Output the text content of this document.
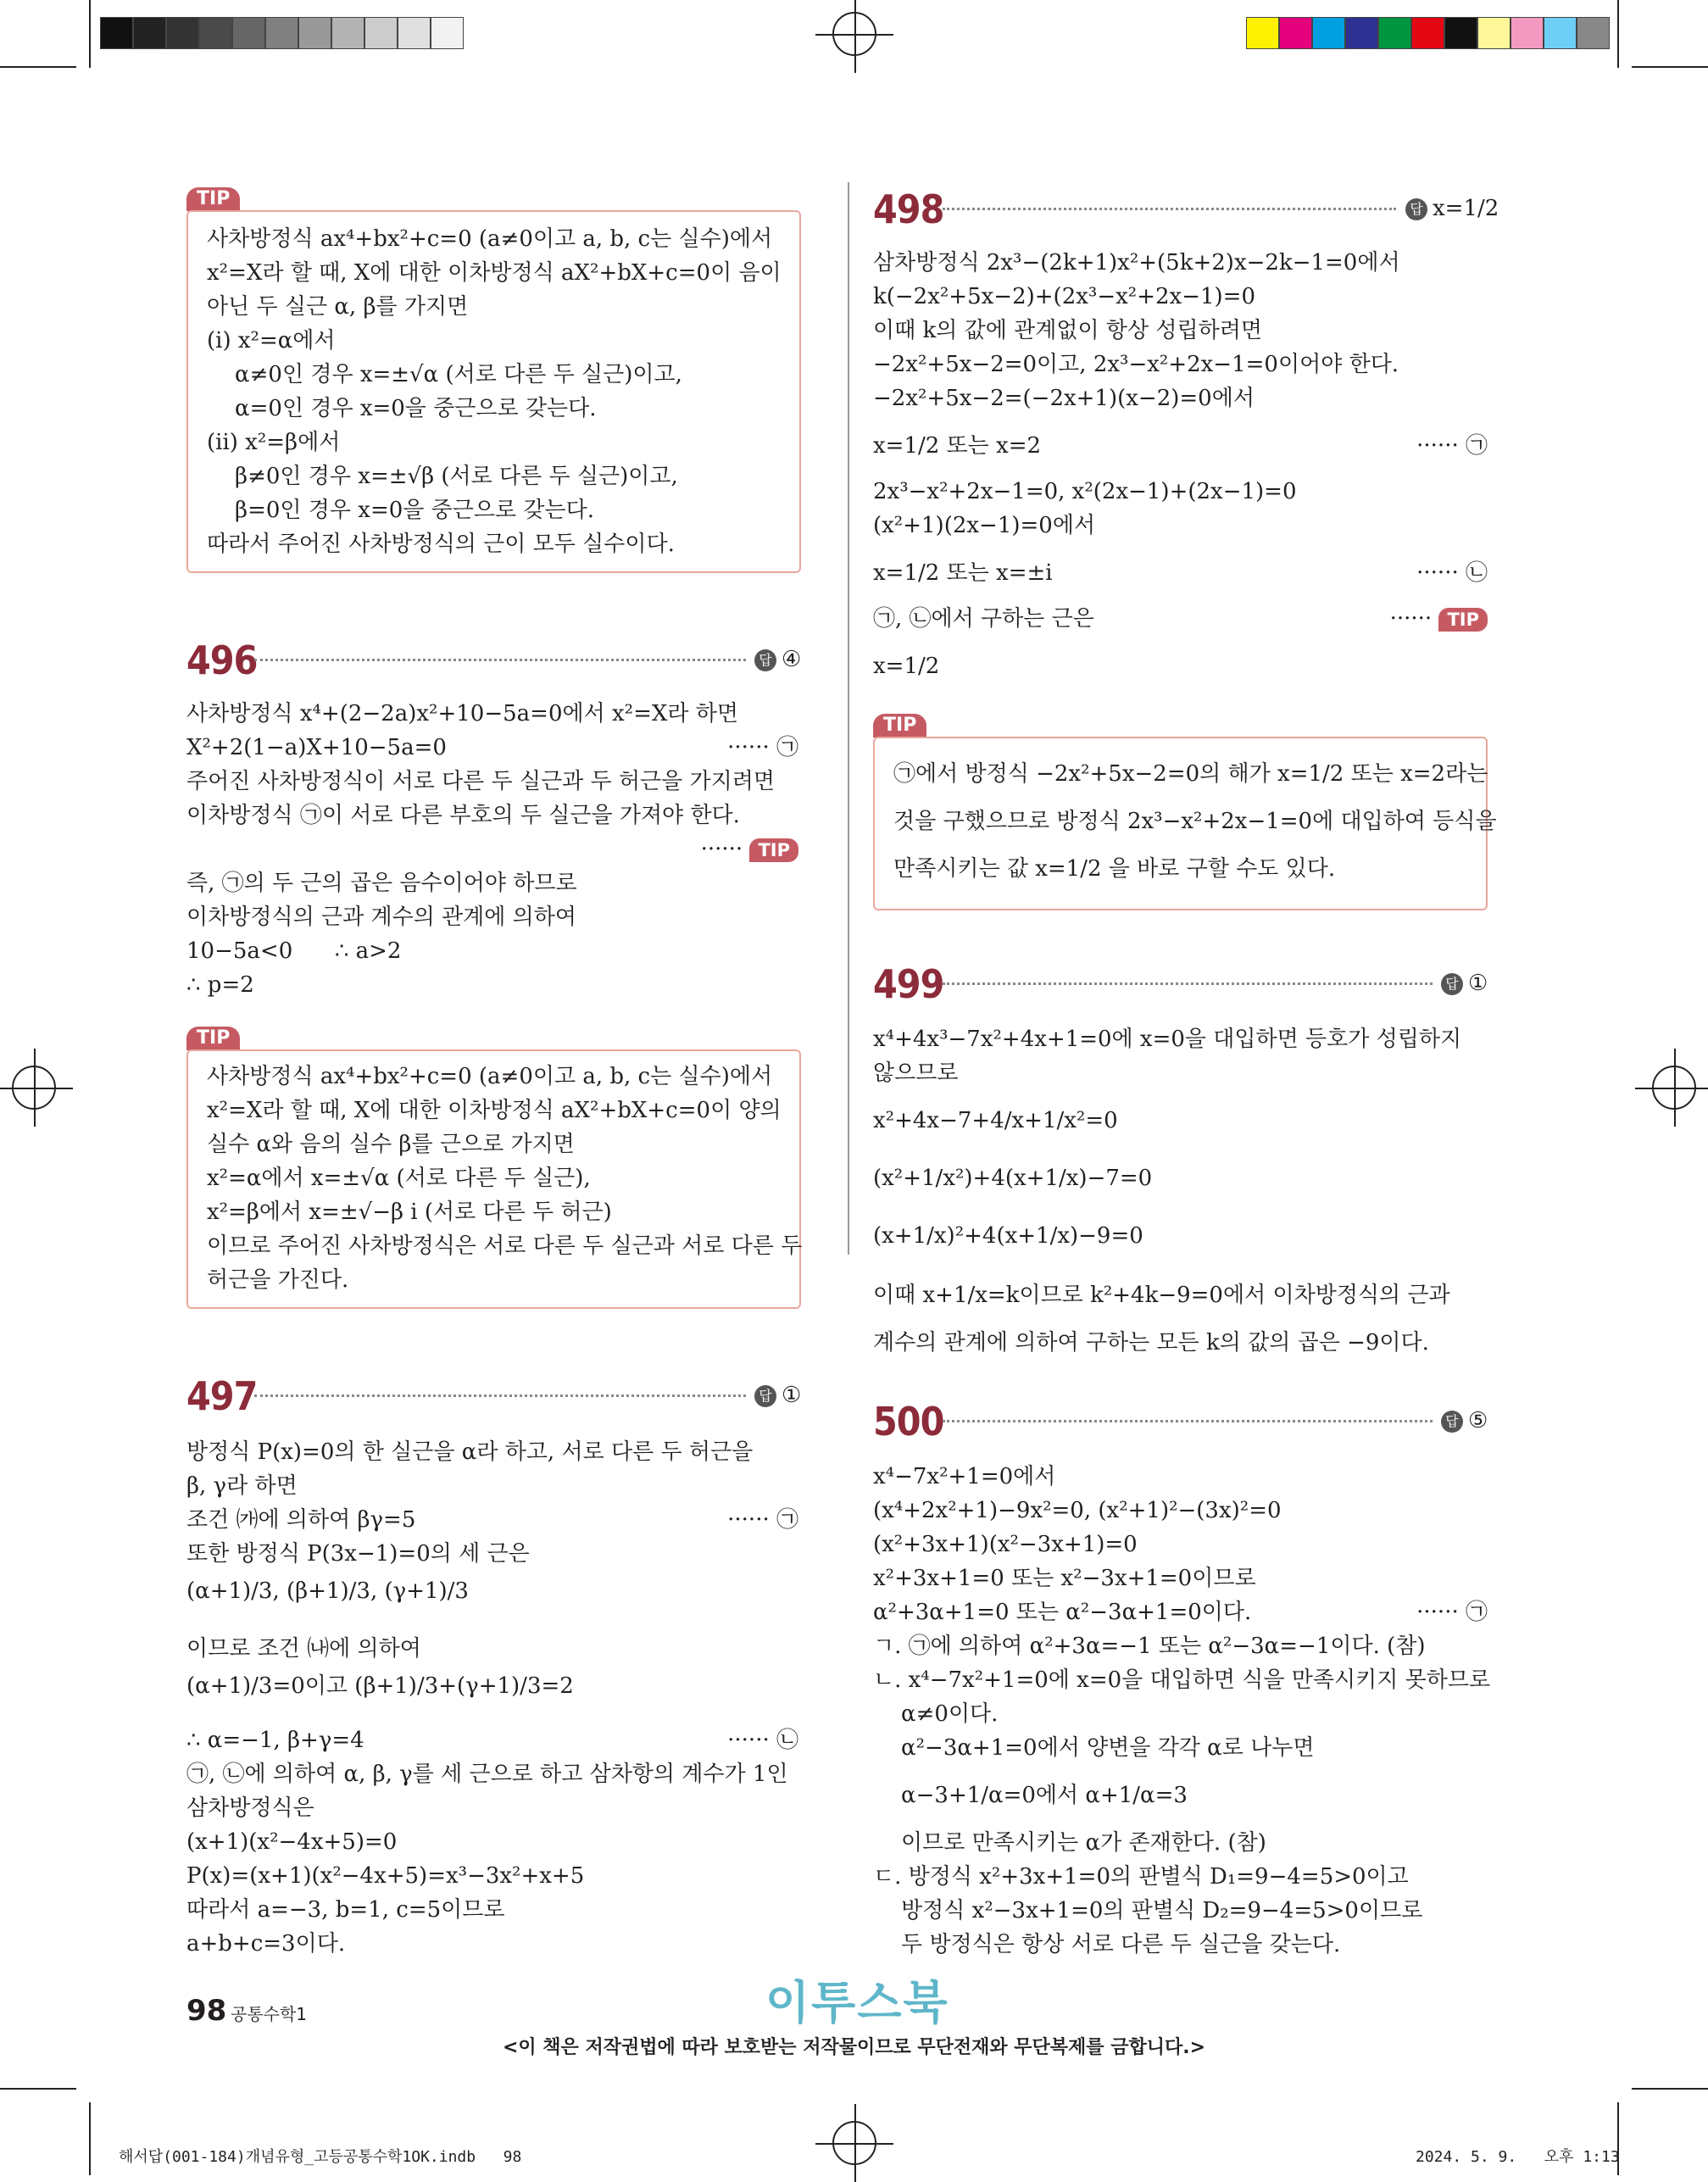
TIP
사차방정식 ax⁴+bx²+c=0 (a≠0이고 a, b, c는 실수)에서
x²=X라 할 때, X에 대한 이차방정식 aX²+bX+c=0이 음이
아닌 두 실근 α, β를 가지면
(ⅰ) x²=α에서
α≠0인 경우 x=±√α (서로 다른 두 실근)이고,
α=0인 경우 x=0을 중근으로 갖는다.
(ⅱ) x²=β에서
β≠0인 경우 x=±√β (서로 다른 두 실근)이고,
β=0인 경우 x=0을 중근으로 갖는다.
따라서 주어진 사차방정식의 근이 모두 실수이다.
496	답 ④
사차방정식 x⁴+(2−2a)x²+10−5a=0에서 x²=X라 하면
X²+2(1−a)X+10−5a=0	······ ㉠
주어진 사차방정식이 서로 다른 두 실근과 두 허근을 가지려면
이차방정식 ㉠이 서로 다른 부호의 두 실근을 가져야 한다.
······ TIP
즉, ㉠의 두 근의 곱은 음수이어야 하므로
이차방정식의 근과 계수의 관계에 의하여
10−5a<0      ∴ a>2
∴ p=2
TIP
사차방정식 ax⁴+bx²+c=0 (a≠0이고 a, b, c는 실수)에서
x²=X라 할 때, X에 대한 이차방정식 aX²+bX+c=0이 양의
실수 α와 음의 실수 β를 근으로 가지면
x²=α에서 x=±√α (서로 다른 두 실근),
x²=β에서 x=±√−β i (서로 다른 두 허근)
이므로 주어진 사차방정식은 서로 다른 두 실근과 서로 다른 두
허근을 가진다.
497	답 ①
방정식 P(x)=0의 한 실근을 α라 하고, 서로 다른 두 허근을
β, γ라 하면
조건 ㈎에 의하여 βγ=5	······ ㉠
또한 방정식 P(3x−1)=0의 세 근은
(α+1)/3, (β+1)/3, (γ+1)/3
이므로 조건 ㈏에 의하여
(α+1)/3=0이고 (β+1)/3+(γ+1)/3=2
∴ α=−1, β+γ=4	······ ㉡
㉠, ㉡에 의하여 α, β, γ를 세 근으로 하고 삼차항의 계수가 1인
삼차방정식은
(x+1)(x²−4x+5)=0
P(x)=(x+1)(x²−4x+5)=x³−3x²+x+5
따라서 a=−3, b=1, c=5이므로
a+b+c=3이다.
498	답 x=1/2
삼차방정식 2x³−(2k+1)x²+(5k+2)x−2k−1=0에서
k(−2x²+5x−2)+(2x³−x²+2x−1)=0
이때 k의 값에 관계없이 항상 성립하려면
−2x²+5x−2=0이고, 2x³−x²+2x−1=0이어야 한다.
−2x²+5x−2=(−2x+1)(x−2)=0에서
x=1/2 또는 x=2	······ ㉠
2x³−x²+2x−1=0, x²(2x−1)+(2x−1)=0
(x²+1)(2x−1)=0에서
x=1/2 또는 x=±i	······ ㉡
㉠, ㉡에서 구하는 근은	······ TIP
x=1/2
TIP
㉠에서 방정식 −2x²+5x−2=0의 해가 x=1/2 또는 x=2라는
것을 구했으므로 방정식 2x³−x²+2x−1=0에 대입하여 등식을
만족시키는 값 x=1/2 을 바로 구할 수도 있다.
499	답 ①
x⁴+4x³−7x²+4x+1=0에 x=0을 대입하면 등호가 성립하지
않으므로
x²+4x−7+4/x+1/x²=0
(x²+1/x²)+4(x+1/x)−7=0
(x+1/x)²+4(x+1/x)−9=0
이때 x+1/x=k이므로 k²+4k−9=0에서 이차방정식의 근과
계수의 관계에 의하여 구하는 모든 k의 값의 곱은 −9이다.
500	답 ⑤
x⁴−7x²+1=0에서
(x⁴+2x²+1)−9x²=0, (x²+1)²−(3x)²=0
(x²+3x+1)(x²−3x+1)=0
x²+3x+1=0 또는 x²−3x+1=0이므로
α²+3α+1=0 또는 α²−3α+1=0이다.	······ ㉠
ㄱ. ㉠에 의하여 α²+3α=−1 또는 α²−3α=−1이다. (참)
ㄴ. x⁴−7x²+1=0에 x=0을 대입하면 식을 만족시키지 못하므로
α≠0이다.
α²−3α+1=0에서 양변을 각각 α로 나누면
α−3+1/α=0에서 α+1/α=3
이므로 만족시키는 α가 존재한다. (참)
ㄷ. 방정식 x²+3x+1=0의 판별식 D₁=9−4=5>0이고
방정식 x²−3x+1=0의 판별식 D₂=9−4=5>0이므로
두 방정식은 항상 서로 다른 두 실근을 갖는다.
98 공통수학1	이투스북
<이 책은 저작권법에 따라 보호받는 저작물이므로 무단전재와 무단복제를 금합니다.>
해서답(001-184)개념유형_고등공통수학1OK.indb   98	2024. 5. 9.   오후 1:13
